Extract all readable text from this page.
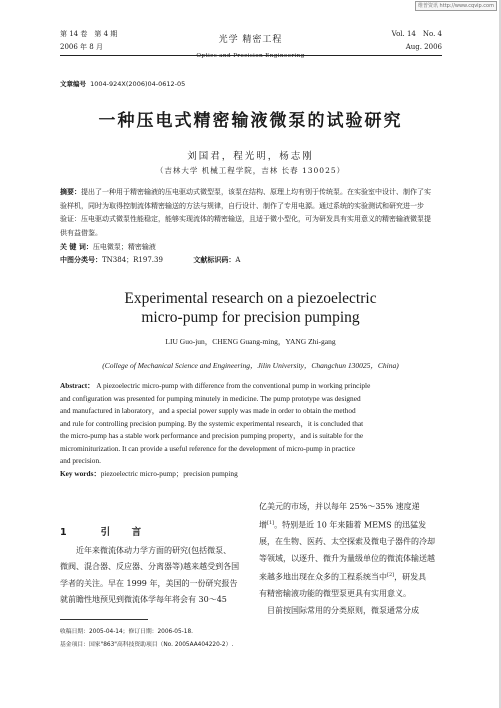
维普资讯 http://www.cqvip.com
第 14 卷　第 4 期
2006 年 8 月
光学 精密工程
Optics and Precision Engineering
Vol. 14　No. 4
Aug. 2006
文章编号 1004-924X(2006)04-0612-05
一种压电式精密输液微泵的试验研究
刘国君，程光明，杨志刚
（吉林大学 机械工程学院，吉林 长春 130025）
摘要：提出了一种用于精密输液的压电驱动式微型泵，该泵在结构、原理上均有别于传统泵。在实验室中设计、制作了实
验样机，同时为取得控制流体精密输送的方法与规律，自行设计、制作了专用电源。通过系统的实验测试和研究进一步
验证：压电驱动式微泵性能稳定，能够实现流体的精密输送，且适于微小型化，可为研发具有实用意义的精密输液微泵提
供有益借鉴。
关 键 词：压电微泵；精密输液
中图分类号：TN384；R197.39	文献标识码：A
Experimental research on a piezoelectric
micro-pump for precision pumping
LIU Guo-jun，CHENG Guang-ming，YANG Zhi-gang
(College of Mechanical Science and Engineering，Jilin University，Changchun 130025，China)
Abstract： A piezoelectric micro-pump with difference from the conventional pump in working principle
and configuration was presented for pumping minutely in medicine. The pump prototype was designed
and manufactured in laboratory，and a special power supply was made in order to obtain the method
and rule for controlling precision pumping. By the systemic experimental research，it is concluded that
the micro-pump has a stable work performance and precision pumping property，and is suitable for the
microminiturization. It can provide a useful reference for the development of micro-pump in practice
and precision.
Key words：piezoelectric micro-pump；precision pumping
1	引　言
近年来微流体动力学方面的研究(包括微泵、
微阀、混合器、反应器、分离器等)越来越受到各国
学者的关注。早在 1999 年，美国的一份研究报告
就前瞻性地预见到微流体学每年将会有 30～45
亿美元的市场，并以每年 25%～35% 速度递
增[1]。特别是近 10 年来随着 MEMS 的迅猛发
展，在生物、医药、太空探索及微电子器件的冷却
等领域，以逐升、微升为量级单位的微流体输送越
来越多地出现在众多的工程系统当中[2]，研发具
有精密输液功能的微型泵更具有实用意义。
　目前按国际常用的分类原则，微泵通常分成
收稿日期：2005-04-14；修订日期：2006-05-18.
基金项目：国家"863"高科技资助项目（No. 2005AA404220-2）.
